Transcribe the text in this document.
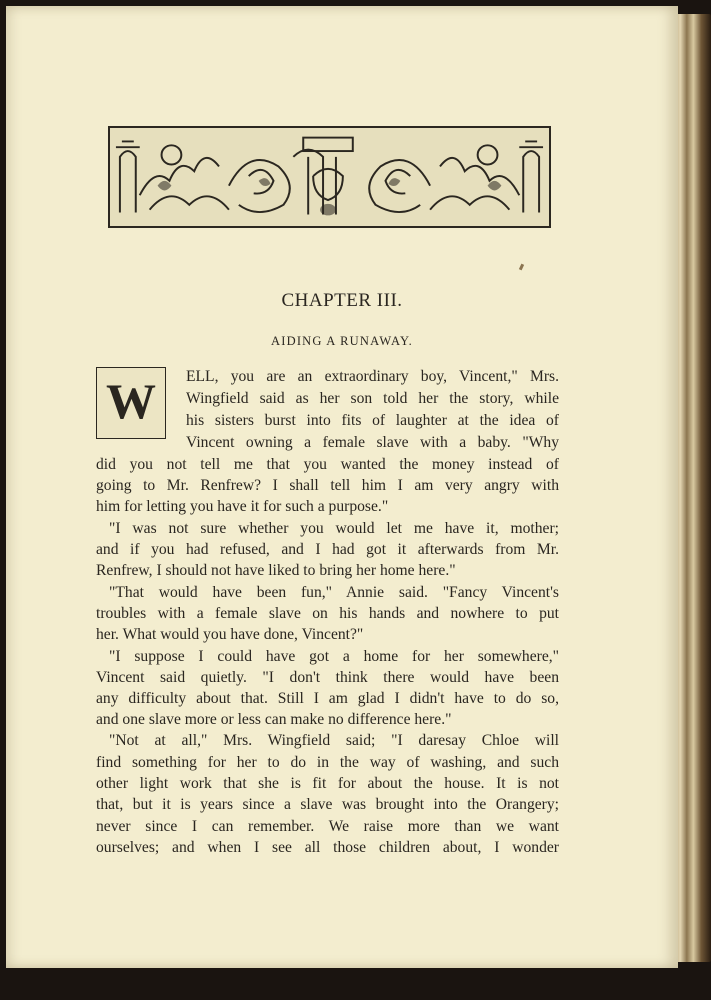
CHAPTER III.
AIDING A RUNAWAY.
W	ELL, you are an extraordinary boy, Vincent," Mrs.
Wingfield said as her son told her the story, while
his sisters burst into fits of laughter at the idea of
Vincent owning a female slave with a baby. "Why
did you not tell me that you wanted the money instead of
going to Mr. Renfrew? I shall tell him I am very angry with
him for letting you have it for such a purpose."
"I was not sure whether you would let me have it, mother;
and if you had refused, and I had got it afterwards from Mr.
Renfrew, I should not have liked to bring her home here."
"That would have been fun," Annie said. "Fancy Vincent's
troubles with a female slave on his hands and nowhere to put
her. What would you have done, Vincent?"
"I suppose I could have got a home for her somewhere,"
Vincent said quietly. "I don't think there would have been
any difficulty about that. Still I am glad I didn't have to do so,
and one slave more or less can make no difference here."
"Not at all," Mrs. Wingfield said; "I daresay Chloe will
find something for her to do in the way of washing, and such
other light work that she is fit for about the house. It is not
that, but it is years since a slave was brought into the Orangery;
never since I can remember. We raise more than we want
ourselves; and when I see all those children about, I wonder
